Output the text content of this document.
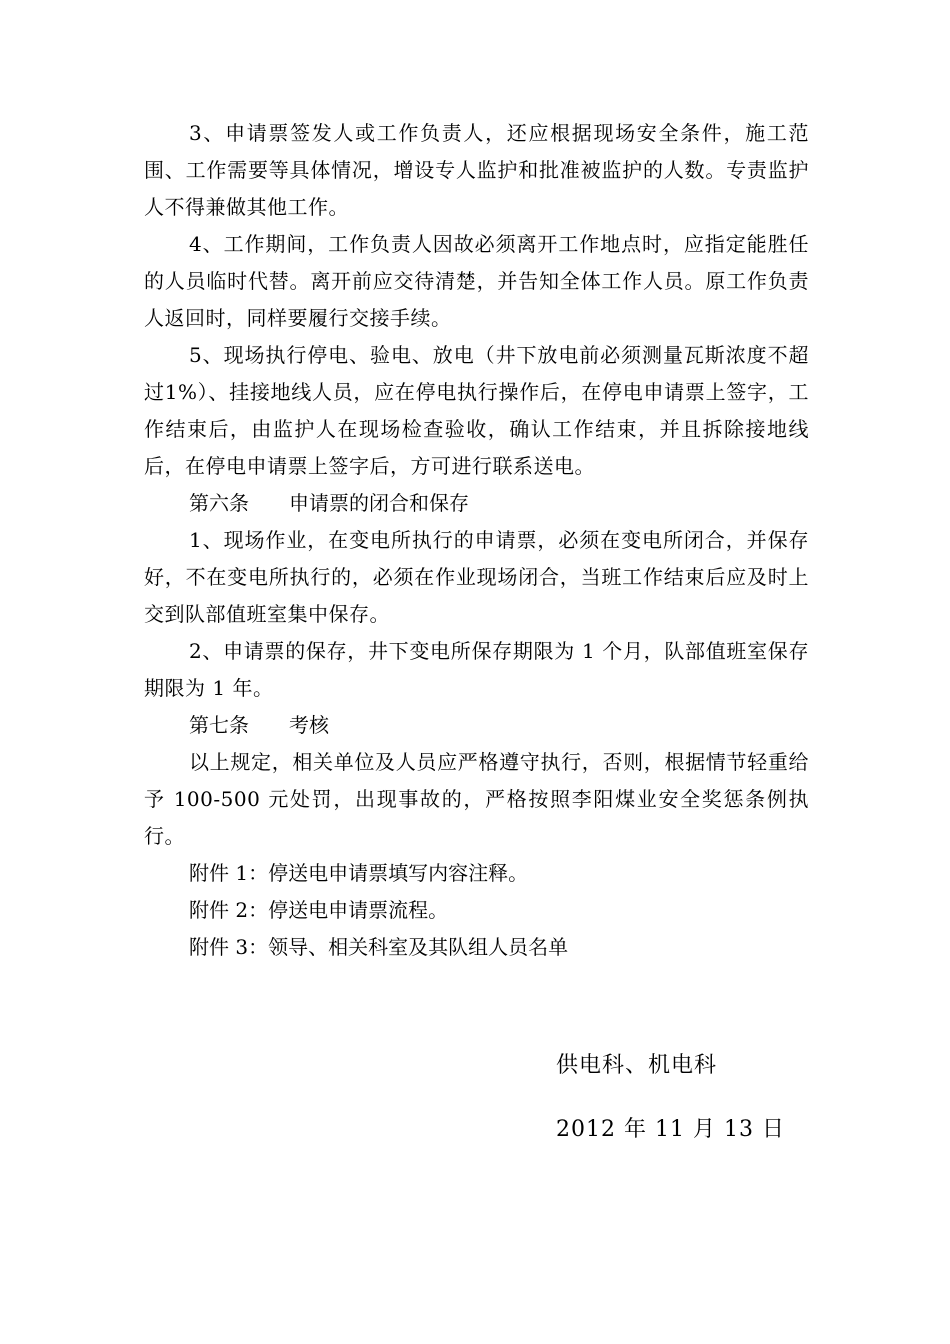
3、申请票签发人或工作负责人，还应根据现场安全条件，施工范围、工作需要等具体情况，增设专人监护和批准被监护的人数。专责监护人不得兼做其他工作。

4、工作期间，工作负责人因故必须离开工作地点时，应指定能胜任的人员临时代替。离开前应交待清楚，并告知全体工作人员。原工作负责人返回时，同样要履行交接手续。

5、现场执行停电、验电、放电（井下放电前必须测量瓦斯浓度不超过1%）、挂接地线人员，应在停电执行操作后，在停电申请票上签字，工作结束后，由监护人在现场检查验收，确认工作结束，并且拆除接地线后，在停电申请票上签字后，方可进行联系送电。

第六条 申请票的闭合和保存

1、现场作业，在变电所执行的申请票，必须在变电所闭合，并保存好，不在变电所执行的，必须在作业现场闭合，当班工作结束后应及时上交到队部值班室集中保存。

2、申请票的保存，井下变电所保存期限为 1 个月，队部值班室保存期限为 1 年。

第七条 考核

以上规定，相关单位及人员应严格遵守执行，否则，根据情节轻重给予 100-500 元处罚，出现事故的，严格按照李阳煤业安全奖惩条例执行。

附件 1：停送电申请票填写内容注释。

附件 2：停送电申请票流程。

附件 3：领导、相关科室及其队组人员名单

供电科、机电科
2012 年 11 月 13 日
